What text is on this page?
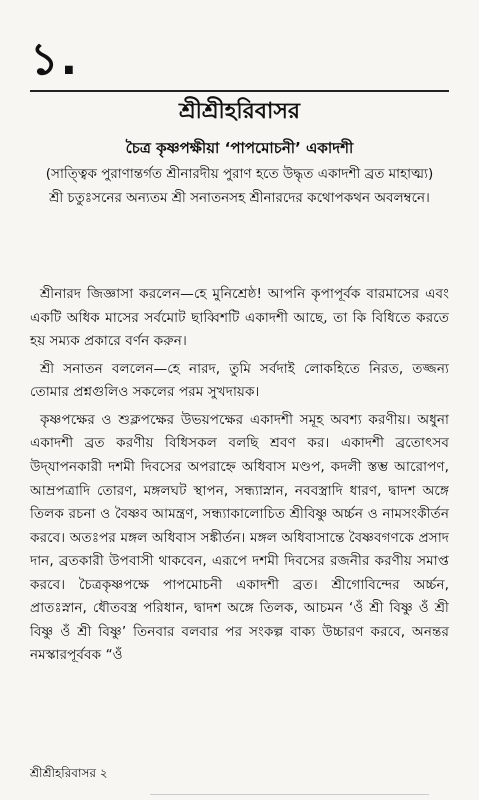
১.
শ্রীশ্রীহরিবাসর
চৈত্র কৃষ্ণপক্ষীয়া ‘পাপমোচনী’ একাদশী

(সাত্ত্বিক পুরাণান্তর্গত শ্রীনারদীয় পুরাণ হতে উদ্ধৃত একাদশী ব্রত মাহাত্ম্য)

শ্রী চতুঃসনের অন্যতম শ্রী সনাতনসহ শ্রীনারদের কথোপকথন অবলম্বনে।

শ্রীনারদ জিজ্ঞাসা করলেন—হে মুনিশ্রেষ্ঠ! আপনি কৃপাপূর্বক বারমাসের এবং একটি অধিক মাসের সর্বমোট ছাব্বিশটি একাদশী আছে, তা কি বিধিতে করতে হয় সম্যক প্রকারে বর্ণন করুন।

শ্রী সনাতন বললেন—হে নারদ, তুমি সর্বদাই লোকহিতে নিরত, তজ্জন্য তোমার প্রশ্নগুলিও সকলের পরম সুখদায়ক।

কৃষ্ণপক্ষের ও শুক্লপক্ষের উভয়পক্ষের একাদশী সমূহ অবশ্য করণীয়। অধুনা একাদশী ব্রত করণীয় বিধিসকল বলছি শ্রবণ কর। একাদশী ব্রতোৎসব উদ্‌যাপনকারী দশমী দিবসের অপরাহ্নে অধিবাস মণ্ডপ, কদলী স্তম্ভ আরোপণ, আম্রপত্রাদি তোরণ, মঙ্গলঘট স্থাপন, সন্ধ্যাস্নান, নববস্ত্রাদি ধারণ, দ্বাদশ অঙ্গে তিলক রচনা ও বৈষ্ণব আমন্ত্রণ, সন্ধ্যাকালোচিত শ্রীবিষ্ণু অর্চ্চন ও নামসংকীর্তন করবে। অতঃপর মঙ্গল অধিবাস সঙ্কীর্তন। মঙ্গল অধিবাসান্তে বৈষ্ণবগণকে প্রসাদ দান, ব্রতকারী উপবাসী থাকবেন, এরূপে দশমী দিবসের রজনীর করণীয় সমাপ্ত করবে। চৈত্রকৃষ্ণপক্ষে পাপমোচনী একাদশী ব্রত। শ্রীগোবিন্দের অর্চ্চন, প্রাতঃস্নান, ধৌতবস্ত্র পরিধান, দ্বাদশ অঙ্গে তিলক, আচমন ‘ওঁ শ্রী বিষ্ণু ওঁ শ্রী বিষ্ণু ওঁ শ্রী বিষ্ণু’ তিনবার বলবার পর সংকল্প বাক্য উচ্চারণ করবে, অনন্তর নমস্কারপূর্ববক “ওঁ

শ্রীশ্রীহরিবাসর ২
